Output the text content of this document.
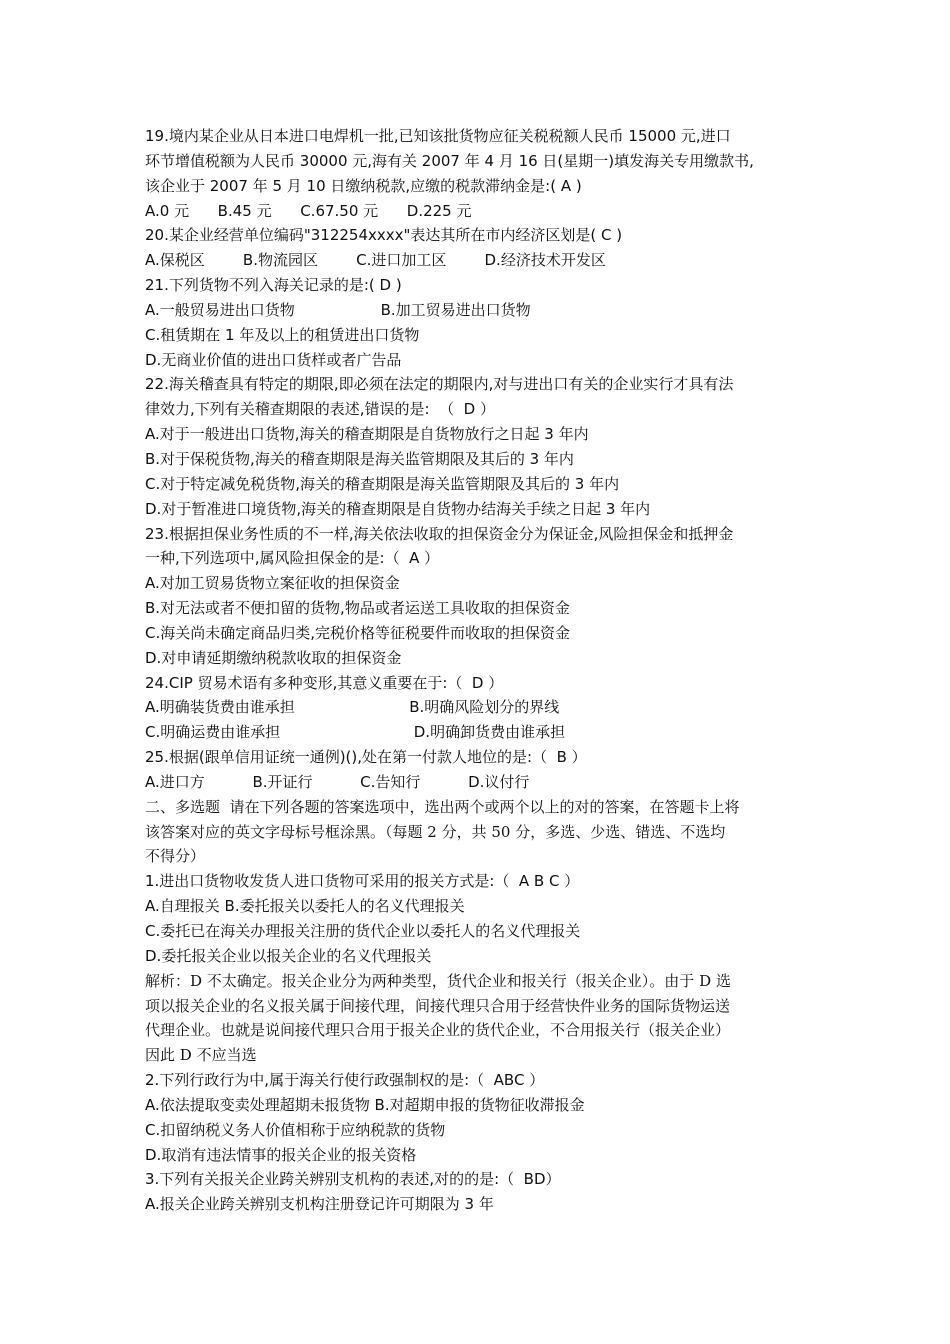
19.境内某企业从日本进口电焊机一批,已知该批货物应征关税税额人民币 15000 元,进口
环节增值税额为人民币 30000 元,海有关 2007 年 4 月 16 日(星期一)填发海关专用缴款书,
该企业于 2007 年 5 月 10 日缴纳税款,应缴的税款滞纳金是:( A )
A.0 元      B.45 元      C.67.50 元      D.225 元
20.某企业经营单位编码"312254xxxx"表达其所在市内经济区划是( C )
A.保税区        B.物流园区        C.进口加工区        D.经济技术开发区
21.下列货物不列入海关记录的是:( D )
A.一般贸易进出口货物                  B.加工贸易进出口货物
C.租赁期在 1 年及以上的租赁进出口货物
D.无商业价值的进出口货样或者广告品
22.海关稽查具有特定的期限,即必须在法定的期限内,对与进出口有关的企业实行才具有法
律效力,下列有关稽查期限的表述,错误的是:  （  D ）
A.对于一般进出口货物,海关的稽查期限是自货物放行之日起 3 年内
B.对于保税货物,海关的稽查期限是海关监管期限及其后的 3 年内
C.对于特定减免税货物,海关的稽查期限是海关监管期限及其后的 3 年内
D.对于暂准进口境货物,海关的稽查期限是自货物办结海关手续之日起 3 年内
23.根据担保业务性质的不一样,海关依法收取的担保资金分为保证金,风险担保金和抵押金
一种,下列选项中,属风险担保金的是:（  A ）
A.对加工贸易货物立案征收的担保资金
B.对无法或者不便扣留的货物,物品或者运送工具收取的担保资金
C.海关尚未确定商品归类,完税价格等征税要件而收取的担保资金
D.对申请延期缴纳税款收取的担保资金
24.CIP 贸易术语有多种变形,其意义重要在于:（  D ）
A.明确装货费由谁承担                        B.明确风险划分的界线
C.明确运费由谁承担                            D.明确卸货费由谁承担
25.根据(跟单信用证统一通例)(),处在第一付款人地位的是:（  B ）
A.进口方          B.开证行          C.告知行          D.议付行
二、多选题  请在下列各题的答案选项中，选出两个或两个以上的对的答案，在答题卡上将
该答案对应的英文字母标号框涂黑。（每题 2 分，共 50 分，多选、少选、错选、不选均
不得分）
1.进出口货物收发货人进口货物可采用的报关方式是:（  A B C ）
A.自理报关 B.委托报关以委托人的名义代理报关
C.委托已在海关办理报关注册的货代企业以委托人的名义代理报关
D.委托报关企业以报关企业的名义代理报关
解析：D 不太确定。报关企业分为两种类型，货代企业和报关行（报关企业）。由于 D 选
项以报关企业的名义报关属于间接代理，间接代理只合用于经营快件业务的国际货物运送
代理企业。也就是说间接代理只合用于报关企业的货代企业，不合用报关行（报关企业）
因此 D 不应当选
2.下列行政行为中,属于海关行使行政强制权的是:（  ABC ）
A.依法提取变卖处理超期未报货物 B.对超期申报的货物征收滞报金
C.扣留纳税义务人价值相称于应纳税款的货物
D.取消有违法情事的报关企业的报关资格
3.下列有关报关企业跨关辨别支机构的表述,对的的是:（  BD）
A.报关企业跨关辨别支机构注册登记许可期限为 3 年
